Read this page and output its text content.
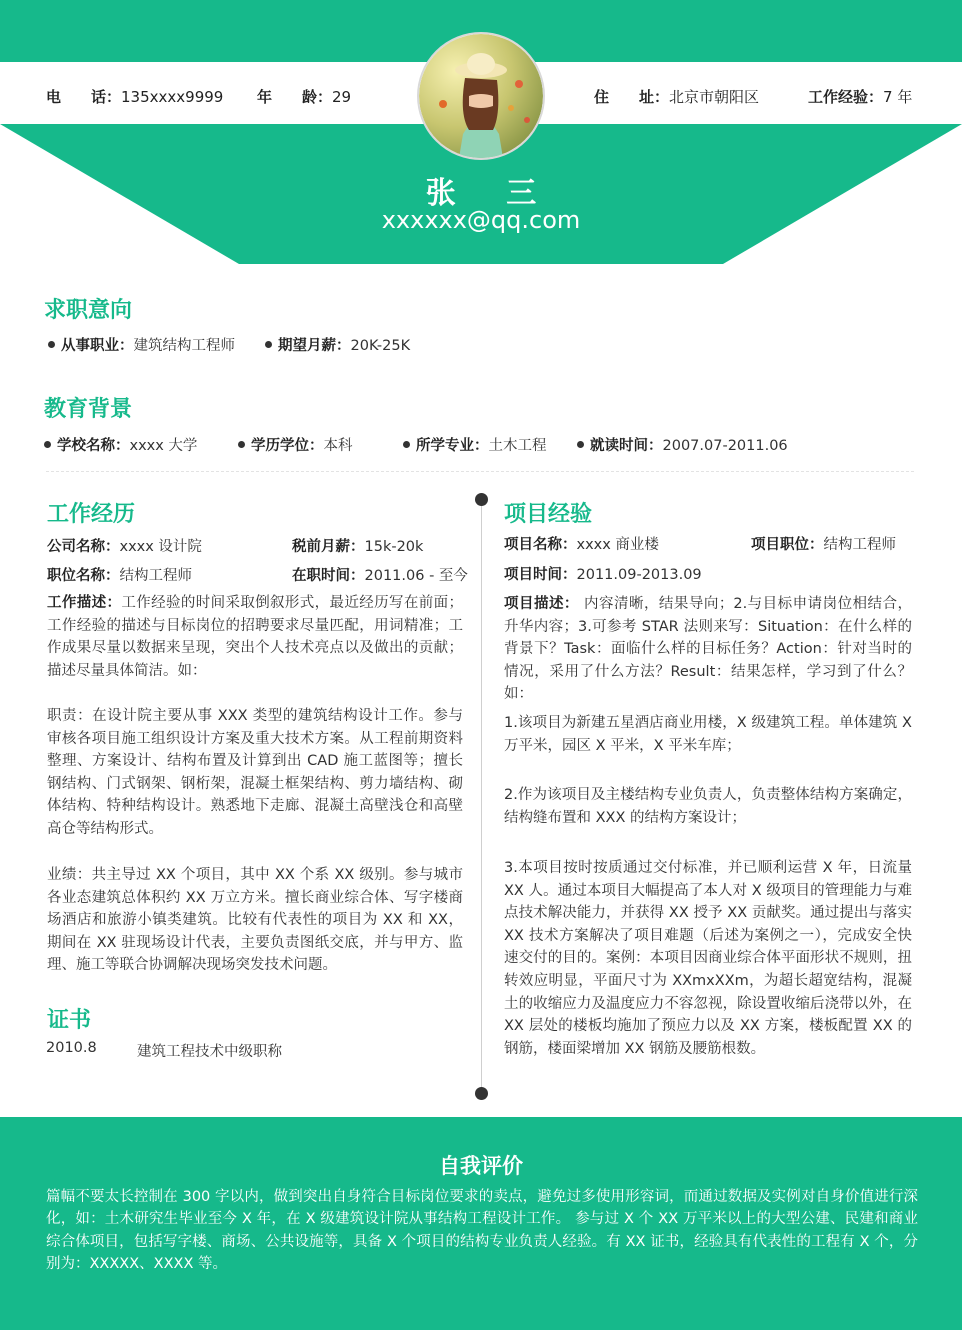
电　　话：135xxxx9999 年　　龄：29	住　　址：北京市朝阳区	工作经验：7 年
张 三
xxxxxx@qq.com
求职意向
从事职业：建筑结构工程师	期望月薪：20K-25K
教育背景
学校名称：xxxx 大学	学历学位：本科	所学专业：土木工程	就读时间：2007.07-2011.06
工作经历
公司名称：xxxx 设计院	税前月薪：15k-20k
职位名称：结构工程师	在职时间：2011.06 - 至今
工作描述：工作经验的时间采取倒叙形式，最近经历写在前面；工作经验的描述与目标岗位的招聘要求尽量匹配，用词精准；工作成果尽量以数据来呈现，突出个人技术亮点以及做出的贡献；描述尽量具体简洁。如：
职责：在设计院主要从事 XXX 类型的建筑结构设计工作。参与审核各项目施工组织设计方案及重大技术方案。从工程前期资料整理、方案设计、结构布置及计算到出 CAD 施工蓝图等；擅长钢结构、门式钢架、钢桁架，混凝土框架结构、剪力墙结构、砌体结构、特种结构设计。熟悉地下走廊、混凝土高壁浅仓和高壁高仓等结构形式。
业绩：共主导过 XX 个项目，其中 XX 个系 XX 级别。参与城市各业态建筑总体积约 XX 万立方米。擅长商业综合体、写字楼商场酒店和旅游小镇类建筑。比较有代表性的项目为 XX 和 XX，期间在 XX 驻现场设计代表，主要负责图纸交底，并与甲方、监理、施工等联合协调解决现场突发技术问题。
证书
2010.8	建筑工程技术中级职称
项目经验
项目名称：xxxx 商业楼	项目职位：结构工程师
项目时间：2011.09-2013.09
项目描述： 内容清晰，结果导向；2.与目标申请岗位相结合，升华内容；3.可参考 STAR 法则来写：Situation：在什么样的背景下？Task：面临什么样的目标任务？Action：针对当时的情况，采用了什么方法？Result：结果怎样，学习到了什么？如：
1.该项目为新建五星酒店商业用楼，X 级建筑工程。单体建筑 X 万平米，园区 X 平米，X 平米车库；
2.作为该项目及主楼结构专业负责人，负责整体结构方案确定，结构缝布置和 XXX 的结构方案设计；
3.本项目按时按质通过交付标准，并已顺利运营 X 年，日流量 XX 人。通过本项目大幅提高了本人对 X 级项目的管理能力与难点技术解决能力，并获得 XX 授予 XX 贡献奖。通过提出与落实 XX 技术方案解决了项目难题（后述为案例之一），完成安全快速交付的目的。案例：本项目因商业综合体平面形状不规则，扭转效应明显，平面尺寸为 XXmxXXm，为超长超宽结构，混凝土的收缩应力及温度应力不容忽视，除设置收缩后浇带以外，在 XX 层处的楼板均施加了预应力以及 XX 方案，楼板配置 XX 的钢筋，楼面梁增加 XX 钢筋及腰筋根数。
自我评价
篇幅不要太长控制在 300 字以内，做到突出自身符合目标岗位要求的卖点，避免过多使用形容词，而通过数据及实例对自身价值进行深化，如：土木研究生毕业至今 X 年，在 X 级建筑设计院从事结构工程设计工作。 参与过 X 个 XX 万平米以上的大型公建、民建和商业综合体项目，包括写字楼、商场、公共设施等，具备 X 个项目的结构专业负责人经验。有 XX 证书，经验具有代表性的工程有 X 个，分别为：XXXXX、XXXX 等。
